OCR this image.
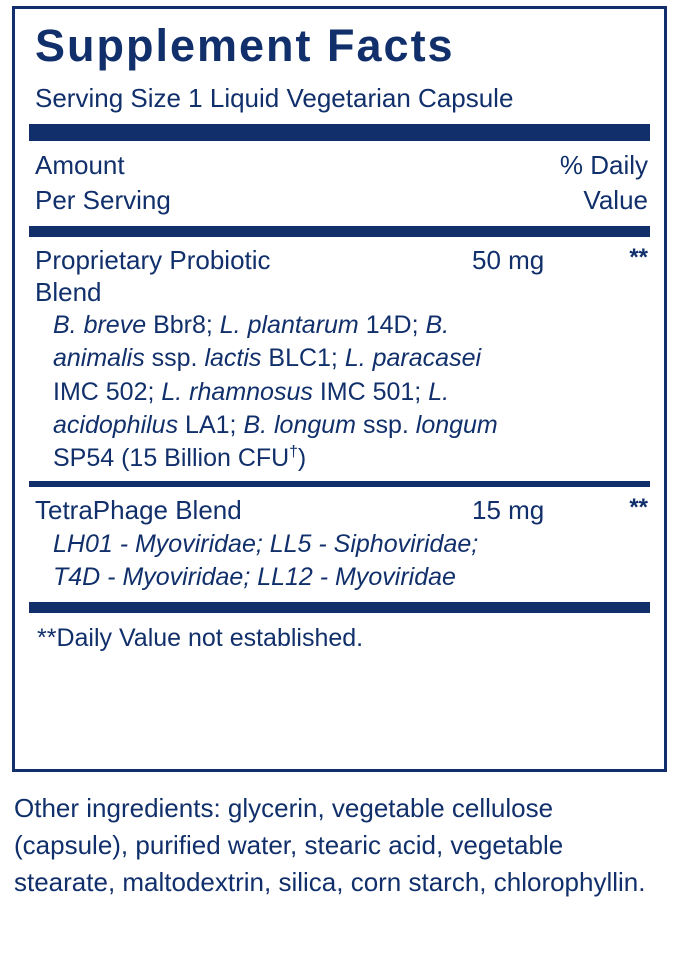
Supplement Facts
Serving Size 1 Liquid Vegetarian Capsule
Amount
Per Serving
% Daily
Value
Proprietary Probiotic	50 mg	**
Blend
B. breve Bbr8; L. plantarum 14D; B.
animalis ssp. lactis BLC1; L. paracasei
IMC 502; L. rhamnosus IMC 501; L.
acidophilus LA1; B. longum ssp. longum
SP54 (15 Billion CFU†)
TetraPhage Blend	15 mg	**
LH01 - Myoviridae; LL5 - Siphoviridae;
T4D - Myoviridae; LL12 - Myoviridae
**Daily Value not established.
Other ingredients: glycerin, vegetable cellulose (capsule), purified water, stearic acid, vegetable stearate, maltodextrin, silica, corn starch, chlorophyllin.
